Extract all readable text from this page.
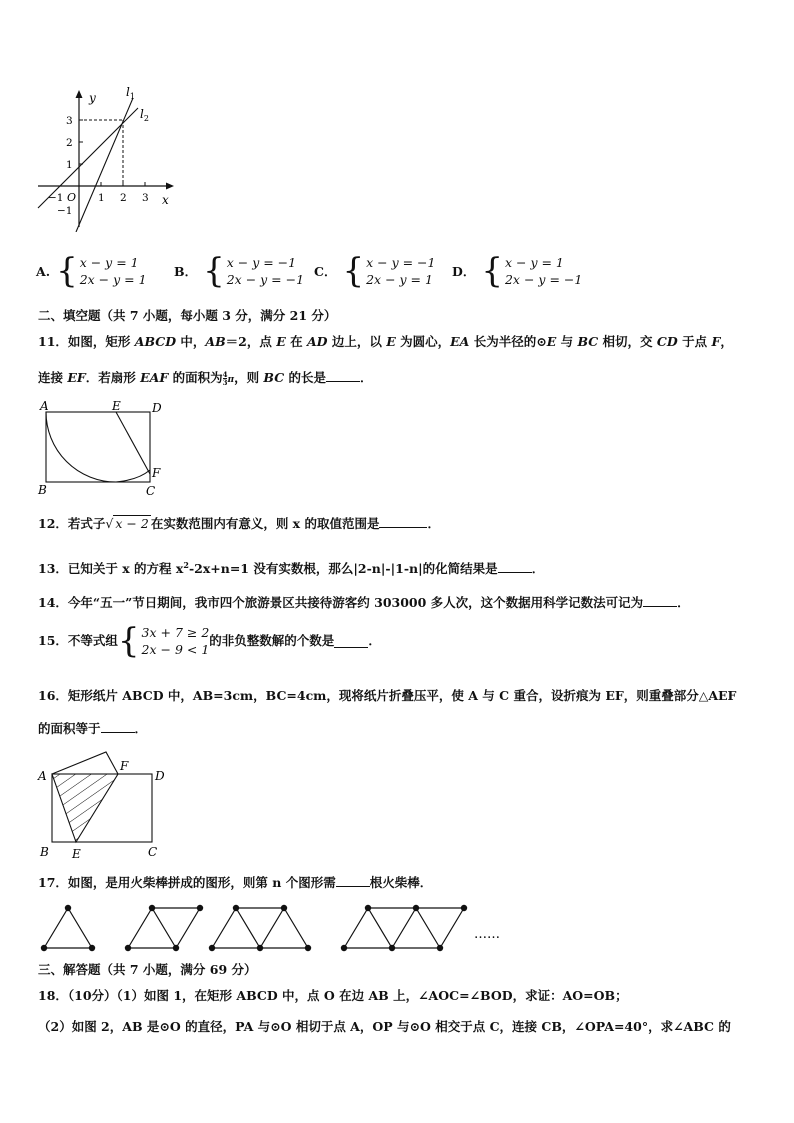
y
x
O
$l_1$
$l_2$
−1	1 2 3
3
2
1
−1
A. { x − y = 1
2x − y = 1
B． { x − y = −1
2x − y = −1
C． { x − y = −1
2x − y = 1
D． { x − y = 1
2x − y = −1
二、填空题（共 7 小题，每小题 3 分，满分 21 分）
11．如图，矩形 ABCD 中，AB＝2，点 E 在 AD 边上，以 E 为圆心，EA 长为半径的⊙E 与 BC 相切，交 CD 于点 F，
连接 EF．若扇形 EAF 的面积为 $\frac{4}{3}$ π，则 BC 的长是	．
A	E	D
F
B	C
12．若式子√ x − 2 在实数范围内有意义，则 x 的取值范围是	．
13．已知关于 x 的方程 $x^2-2x+n=1$ 没有实数根，那么|2-n|-|1-n|的化简结果是	．
14．今年“五一”节日期间，我市四个旅游景区共接待游客约 303000 多人次，这个数据用科学记数法可记为	．
15．不等式组 { 3x + 7 ≥ 2
2x − 9 < 1
的非负整数解的个数是	．
16．矩形纸片 ABCD 中，AB=3cm，BC=4cm，现将纸片折叠压平，使 A 与 C 重合，设折痕为 EF，则重叠部分△AEF
的面积等于	．
A
F
D
B E	C
17．如图，是用火柴棒拼成的图形，则第 n 个图形需	根火柴棒．
……
三、解答题（共 7 小题，满分 69 分）
18．（10分）（1）如图 1，在矩形 ABCD 中，点 O 在边 AB 上，∠AOC=∠BOD，求证：AO=OB；
（2）如图 2，AB 是⊙O 的直径，PA 与⊙O 相切于点 A，OP 与⊙O 相交于点 C，连接 CB，∠OPA=40°，求∠ABC 的
